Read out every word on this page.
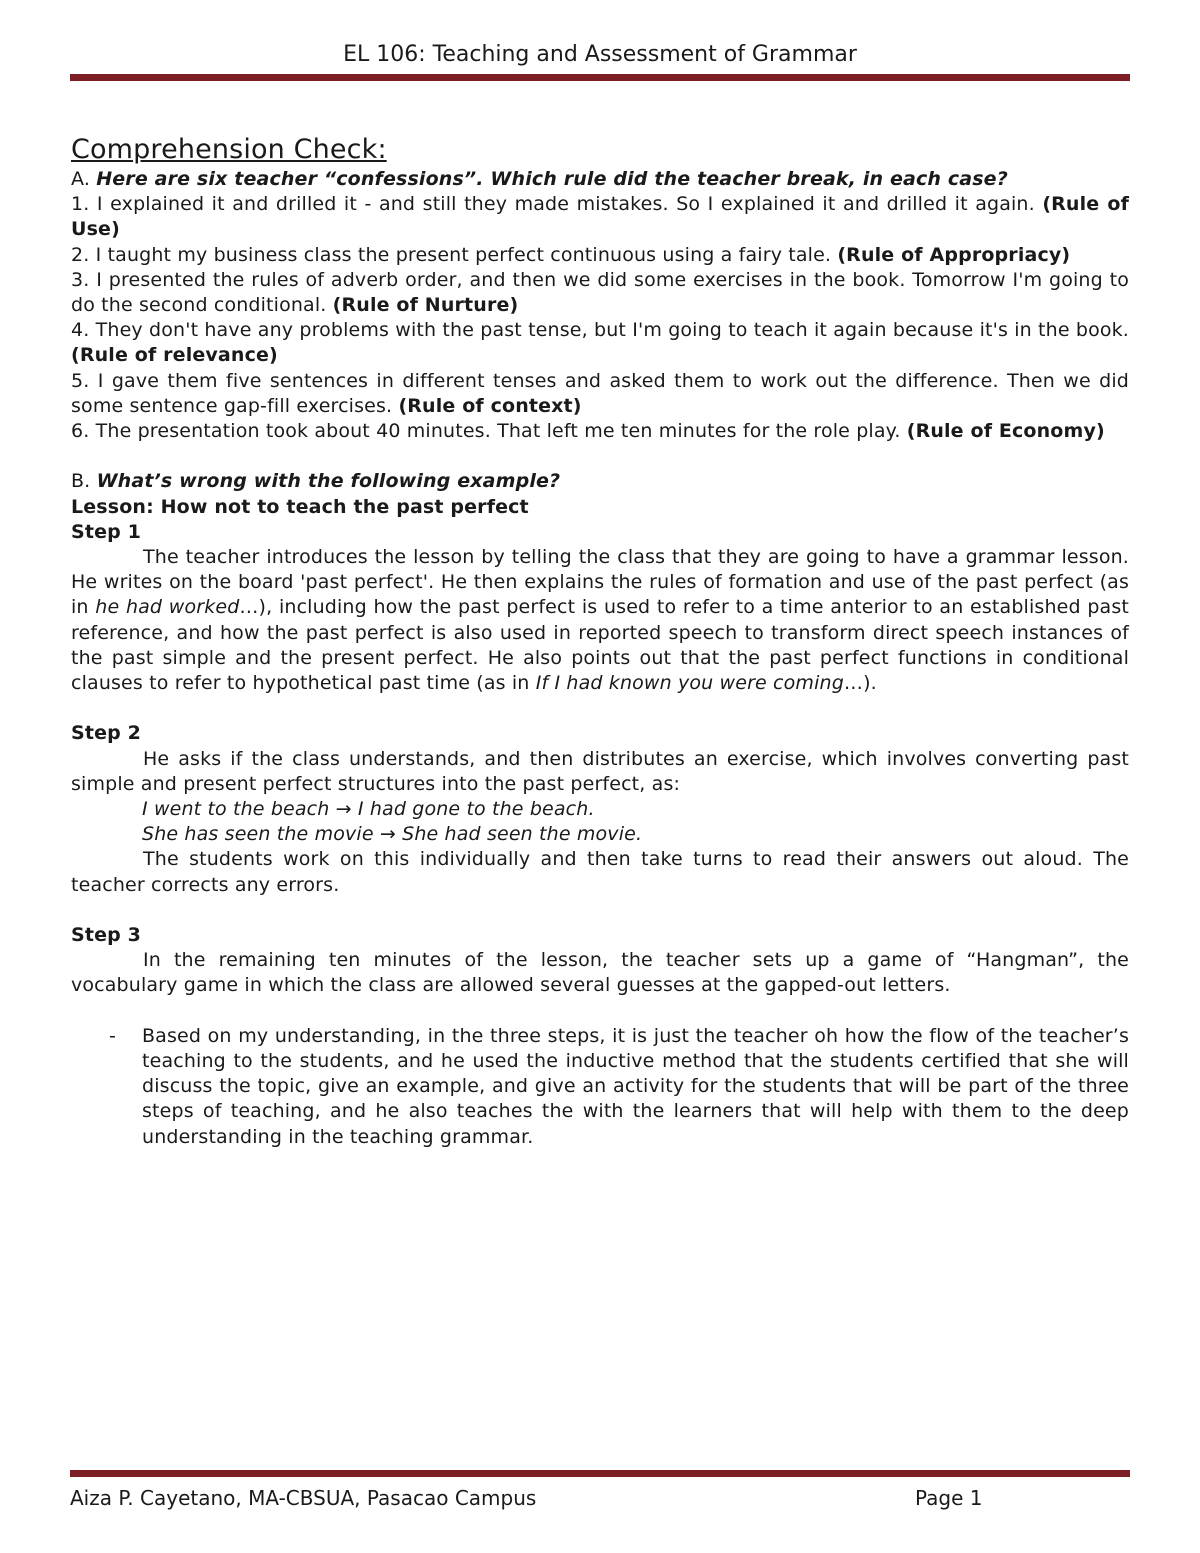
EL 106: Teaching and Assessment of Grammar
Comprehension Check:

A. Here are six teacher “confessions”. Which rule did the teacher break, in each case?

1. I explained it and drilled it - and still they made mistakes. So I explained it and drilled it again. (Rule of Use)

2. I taught my business class the present perfect continuous using a fairy tale. (Rule of Appropriacy)

3. I presented the rules of adverb order, and then we did some exercises in the book. Tomorrow I'm going to do the second conditional. (Rule of Nurture)

4. They don't have any problems with the past tense, but I'm going to teach it again because it's in the book. (Rule of relevance)

5. I gave them five sentences in different tenses and asked them to work out the difference. Then we did some sentence gap-fill exercises. (Rule of context)

6. The presentation took about 40 minutes. That left me ten minutes for the role play. (Rule of Economy)

B. What’s wrong with the following example?

Lesson: How not to teach the past perfect

Step 1

The teacher introduces the lesson by telling the class that they are going to have a grammar lesson. He writes on the board 'past perfect'. He then explains the rules of formation and use of the past perfect (as in he had worked…), including how the past perfect is used to refer to a time anterior to an established past reference, and how the past perfect is also used in reported speech to transform direct speech instances of the past simple and the present perfect. He also points out that the past perfect functions in conditional clauses to refer to hypothetical past time (as in If I had known you were coming…).

Step 2

He asks if the class understands, and then distributes an exercise, which involves converting past simple and present perfect structures into the past perfect, as:

I went to the beach → I had gone to the beach.

She has seen the movie → She had seen the movie.

The students work on this individually and then take turns to read their answers out aloud. The teacher corrects any errors.

Step 3

In the remaining ten minutes of the lesson, the teacher sets up a game of “Hangman”, the vocabulary game in which the class are allowed several guesses at the gapped-out letters.

- Based on my understanding, in the three steps, it is just the teacher oh how the flow of the teacher’s teaching to the students, and he used the inductive method that the students certified that she will discuss the topic, give an example, and give an activity for the students that will be part of the three steps of teaching, and he also teaches the with the learners that will help with them to the deep understanding in the teaching grammar.
Aiza P. Cayetano, MA-CBSUA, Pasacao Campus	Page 1
